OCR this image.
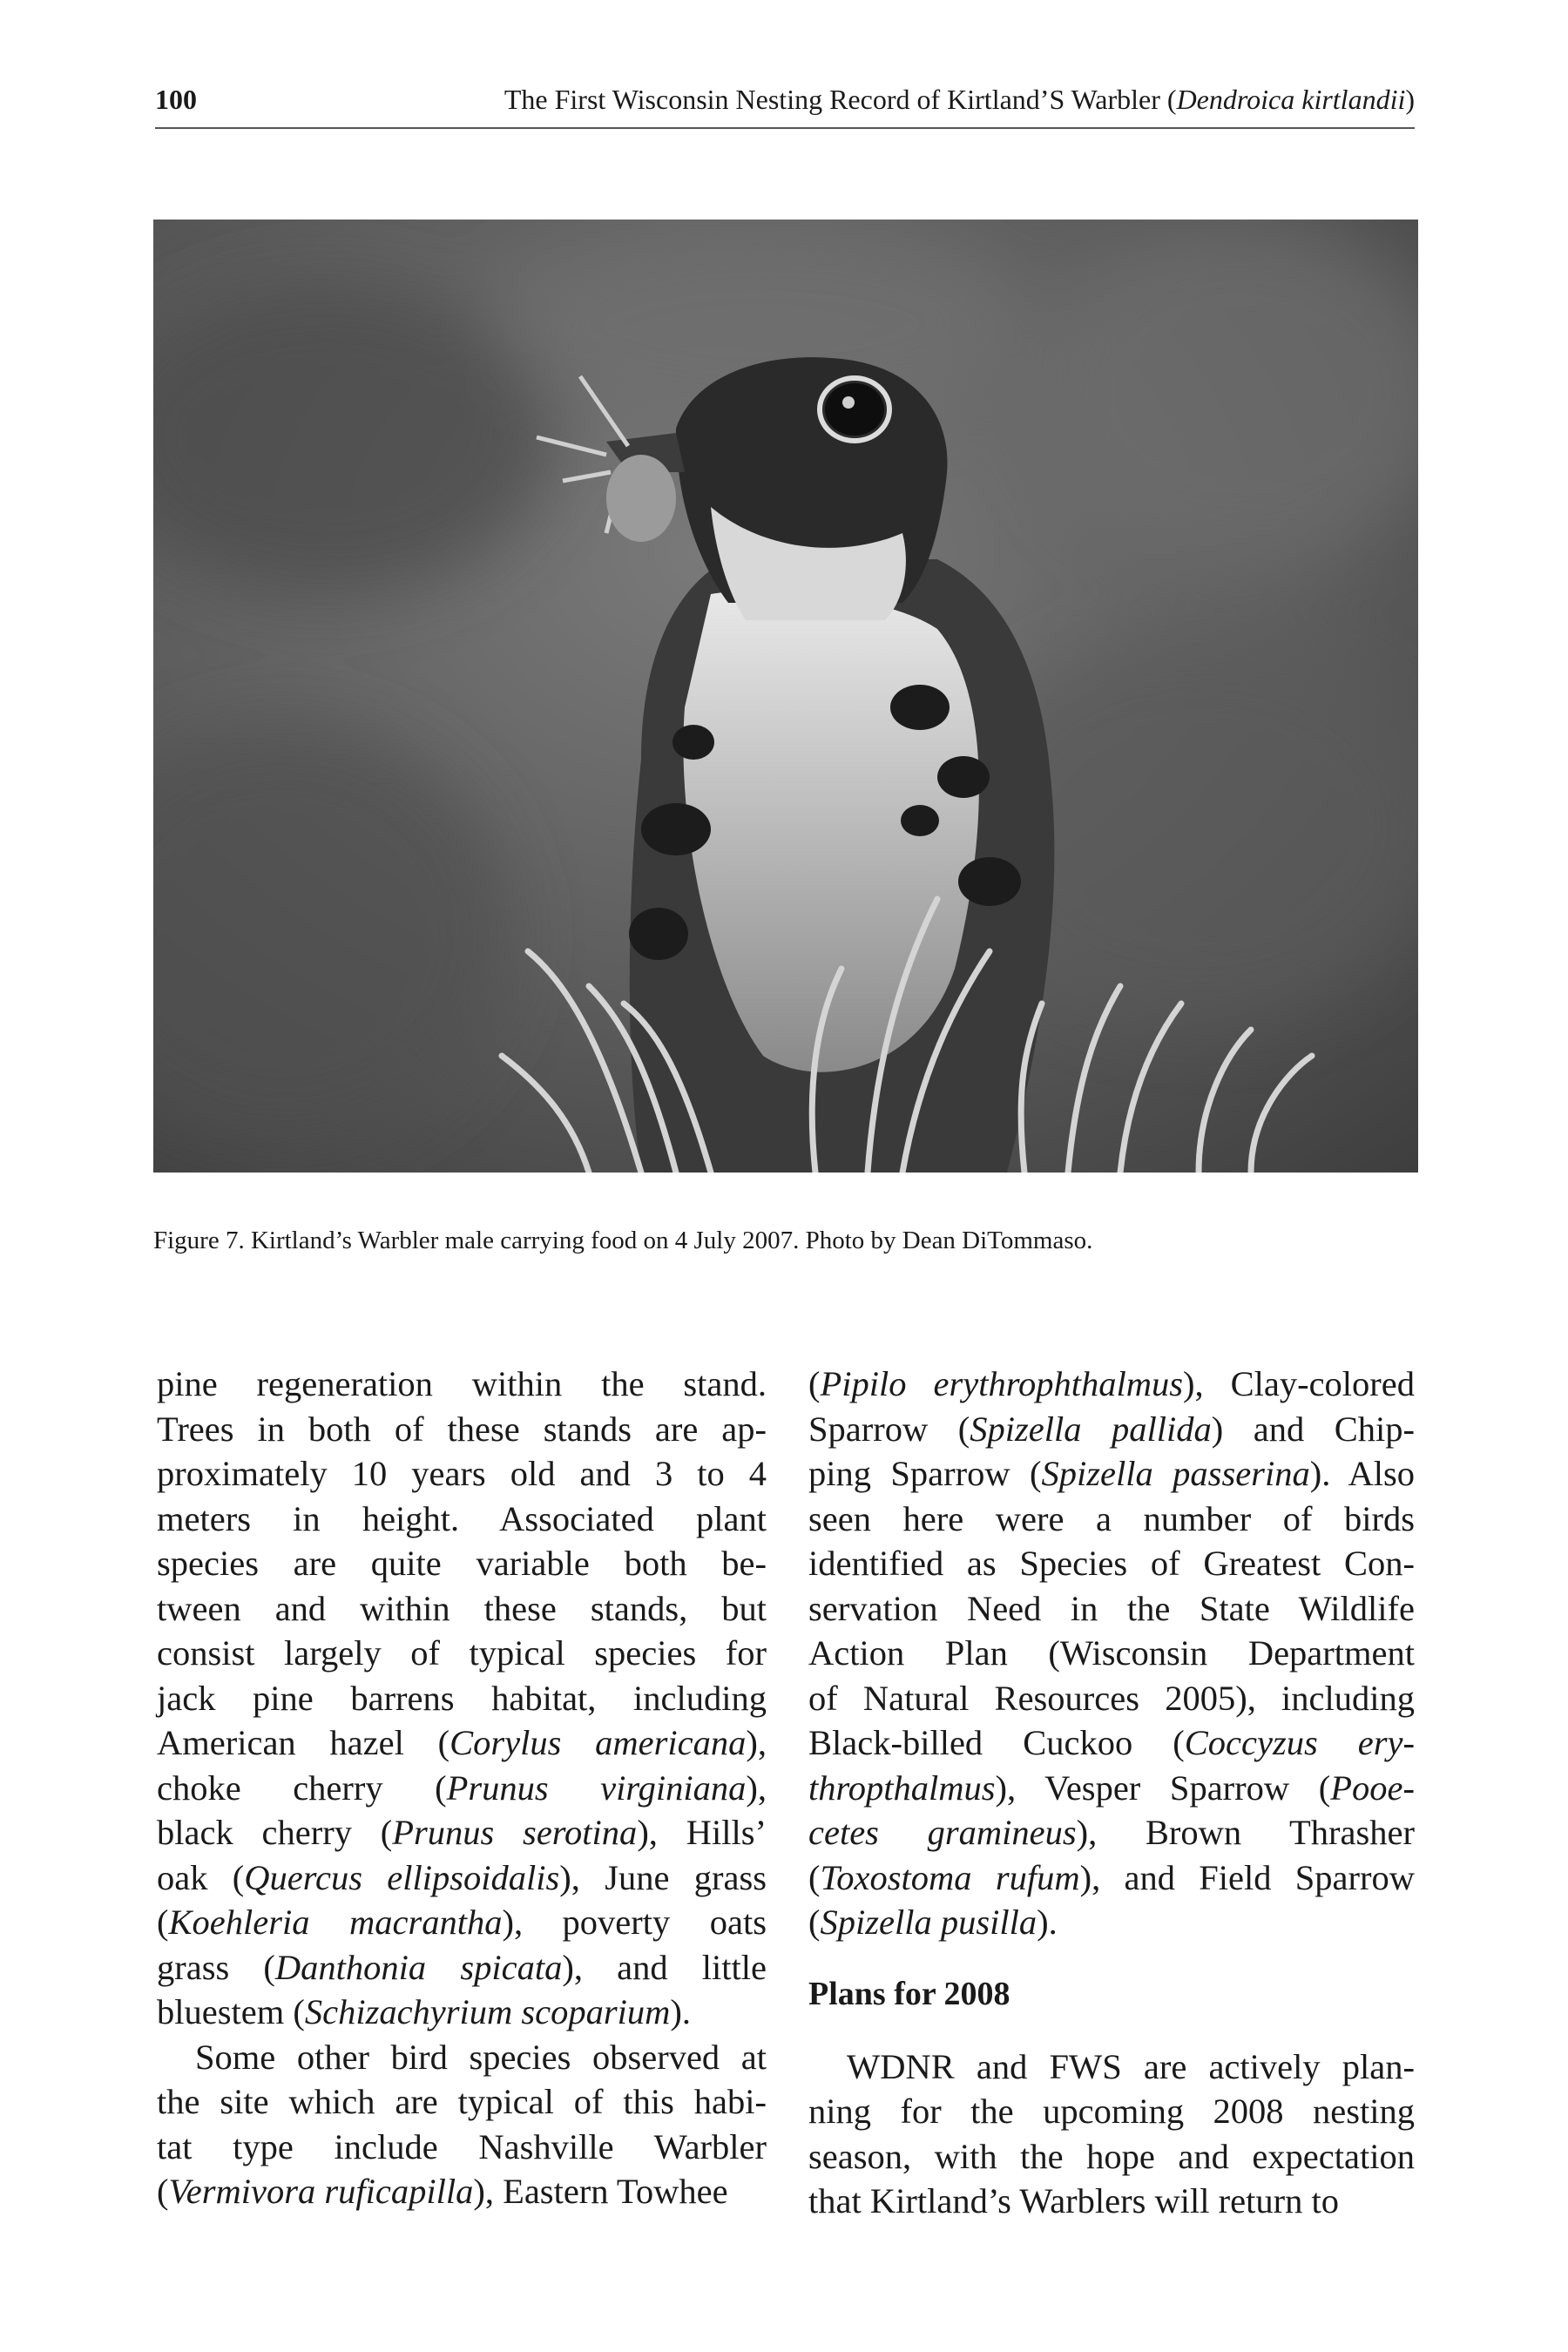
100	The First Wisconsin Nesting Record of Kirtland’S Warbler (Dendroica kirtlandii)
Figure 7. Kirtland’s Warbler male carrying food on 4 July 2007. Photo by Dean DiTommaso.
pine regeneration within the stand.
Trees in both of these stands are ap-
proximately 10 years old and 3 to 4
meters in height. Associated plant
species are quite variable both be-
tween and within these stands, but
consist largely of typical species for
jack pine barrens habitat, including
American hazel (Corylus americana),
choke cherry (Prunus virginiana),
black cherry (Prunus serotina), Hills’
oak (Quercus ellipsoidalis), June grass
(Koehleria macrantha), poverty oats
grass (Danthonia spicata), and little
bluestem (Schizachyrium scoparium).
Some other bird species observed at
the site which are typical of this habi-
tat type include Nashville Warbler
(Vermivora ruficapilla), Eastern Towhee
(Pipilo erythrophthalmus), Clay-colored
Sparrow (Spizella pallida) and Chip-
ping Sparrow (Spizella passerina). Also
seen here were a number of birds
identified as Species of Greatest Con-
servation Need in the State Wildlife
Action Plan (Wisconsin Department
of Natural Resources 2005), including
Black-billed Cuckoo (Coccyzus ery-
thropthalmus), Vesper Sparrow (Pooe-
cetes gramineus), Brown Thrasher
(Toxostoma rufum), and Field Sparrow
(Spizella pusilla).
Plans for 2008
WDNR and FWS are actively plan-
ning for the upcoming 2008 nesting
season, with the hope and expectation
that Kirtland’s Warblers will return to
